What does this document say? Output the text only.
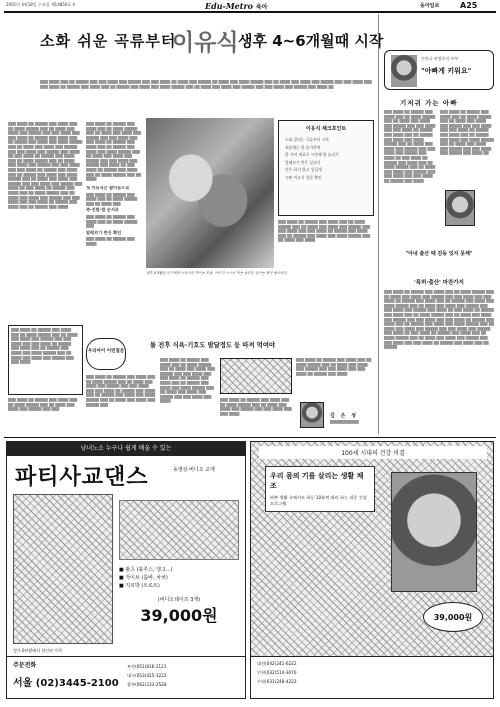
2001년 4월18일 수요일 제14850호 A	Edu-Metro 육아	동아일보	A25
소화 쉬운 곡류부터
이유식 생후 4~6개월때 시작
▒▒▒ ▒▒▒▒ ▒▒▒ ▒▒ ▒▒▒▒▒ ▒▒▒ ▒▒▒ ▒▒▒▒ ▒▒▒ ▒▒▒▒▒ ▒▒▒ ▒▒▒ ▒▒▒▒ ▒▒ ▒▒▒▒ ▒▒▒ ▒▒▒▒▒ ▒▒ ▒▒▒▒ ▒▒▒ ▒▒▒▒ ▒▒▒▒▒ ▒▒▒ ▒▒ ▒▒▒▒ ▒▒▒ ▒▒▒▒ ▒▒▒ ▒▒▒▒▒ ▒▒▒ ▒▒▒ ▒▒▒▒ ▒▒▒ ▒▒▒ ▒▒▒▒ ▒▒ ▒▒▒▒▒ ▒▒▒ ▒▒▒▒ ▒▒▒ ▒▒ ▒▒▒▒▒ ▒▒▒ ▒▒▒▒ ▒▒▒ ▒▒▒▒ ▒▒▒▒▒ ▒▒▒ ▒▒ ▒▒▒▒ ▒▒▒ ▒▒▒▒ ▒▒▒ ▒▒▒▒▒ ▒▒▒ ▒▒▒ ▒▒▒▒ ▒▒▒ ▒▒▒▒▒ ▒▒▒ ▒▒▒▒ ▒▒
▒▒▒ ▒▒▒▒ ▒▒ ▒▒▒▒▒ ▒▒▒ ▒▒▒▒ ▒▒▒ ▒▒ ▒▒▒▒ ▒▒▒▒▒ ▒▒▒ ▒▒ ▒▒▒▒ ▒▒▒ ▒▒▒▒ ▒▒▒ ▒▒▒▒▒ ▒▒▒ ▒▒▒ ▒▒▒▒ ▒▒▒ ▒▒▒ ▒▒▒▒ ▒▒ ▒▒▒▒▒ ▒▒▒ ▒▒▒▒ ▒▒▒ ▒▒ ▒▒▒▒▒ ▒▒▒ ▒▒▒▒ ▒▒▒ ▒▒▒▒ ▒▒▒▒▒ ▒▒▒ ▒▒ ▒▒▒▒ ▒▒▒ ▒▒▒▒ ▒▒▒ ▒▒▒▒▒ ▒▒▒ ▒▒▒ ▒▒▒▒ ▒▒▒ ▒▒▒▒▒ ▒▒▒ ▒▒▒▒ ▒▒ ▒▒▒ ▒▒▒▒ ▒▒ ▒▒▒▒▒ ▒▒▒ ▒▒▒▒ ▒▒▒ ▒▒ ▒▒▒▒ ▒▒▒▒▒ ▒▒▒ ▒▒ ▒▒▒▒ ▒▒▒ ▒▒▒▒ ▒▒▒ ▒▒▒▒▒ ▒▒▒ ▒▒▒ ▒▒▒▒ ▒▒▒ ▒▒▒ ▒▒▒▒ ▒▒ ▒▒▒▒▒ ▒▒▒ ▒▒▒▒ ▒▒▒ ▒▒ ▒▒▒▒▒ ▒▒▒ ▒▒▒▒ ▒▒▒ ▒▒▒▒ ▒▒▒▒▒ ▒▒▒ ▒▒ ▒▒▒▒ ▒▒▒ ▒▒▒▒ ▒▒▒ ▒▒▒▒▒ ▒▒▒ ▒▒▒ ▒▒▒▒ ▒▒▒ ▒▒▒▒▒ ▒▒▒ ▒▒▒▒ ▒▒ ▒▒▒ ▒▒▒▒ ▒▒ ▒▒▒▒▒ ▒▒▒ ▒▒▒▒ ▒▒▒ ▒▒ ▒▒▒▒ ▒▒▒▒▒ ▒▒▒ ▒▒ ▒▒▒▒ ▒▒▒ ▒▒▒▒ ▒▒▒ ▒▒▒▒▒ ▒▒▒ ▒▒▒ ▒▒▒▒ ▒▒▒ ▒▒▒ ▒▒▒▒ ▒▒ ▒▒▒▒▒ ▒▒▒ ▒▒▒▒ ▒▒▒ ▒▒ ▒▒▒▒▒ ▒▒▒ ▒▒▒▒
▒▒▒ ▒▒▒▒ ▒▒ ▒▒▒▒▒ ▒▒▒ ▒▒▒▒ ▒▒▒ ▒▒ ▒▒▒▒ ▒▒▒▒▒ ▒▒▒ ▒▒ ▒▒▒▒ ▒▒▒ ▒▒▒▒ ▒▒▒ ▒▒▒▒▒ ▒▒▒ ▒▒▒ ▒▒▒▒ ▒▒▒ ▒▒▒ ▒▒▒▒ ▒▒ ▒▒▒▒▒ ▒▒▒ ▒▒▒▒ ▒▒▒ ▒▒ ▒▒▒▒▒ ▒▒▒ ▒▒▒▒ ▒▒▒ ▒▒▒▒ ▒▒▒▒▒ ▒▒▒ ▒▒ ▒▒▒▒ ▒▒▒ ▒▒▒▒ ▒▒▒ ▒▒▒▒▒ ▒▒▒ ▒▒▒ ▒▒▒▒ ▒▒▒ ▒▒▒▒▒ ▒▒▒ ▒▒▒▒ ▒▒ ▒▒▒ ▒▒▒▒ ▒▒ ▒▒▒▒▒ ▒▒▒ ▒▒▒▒ ▒▒▒ ▒▒ ▒▒▒▒ ▒▒▒▒▒ ▒▒▒ ▒▒ ▒▒▒▒
이유식 체크포인트
소화 잘되는 곡류부터 시작
처음에는 한 숟가락씩
한 가지 재료로 시작해 양 늘리기
알레르기 반응 살피기
간은 하지 않고 싱겁게
시판 이유식 성분 확인
▒▒▒ ▒▒▒▒ ▒▒ ▒▒▒▒▒ ▒▒▒ ▒▒▒▒ ▒▒▒ ▒▒ ▒▒▒▒ ▒▒▒▒▒ ▒▒▒ ▒▒ ▒▒▒▒ ▒▒▒ ▒▒▒▒ ▒▒▒ ▒▒▒▒▒ ▒▒▒ ▒▒▒ ▒▒▒▒ ▒▒▒ ▒▒▒ ▒▒▒▒ ▒▒ ▒▒▒▒▒ ▒▒▒ ▒▒▒▒ ▒▒▒ ▒▒ ▒▒▒▒▒ ▒▒▒ ▒▒▒▒ ▒▒▒ ▒▒▒▒ ▒▒▒▒▒ ▒▒▒ ▒▒ ▒▒▒▒ ▒▒▒ ▒▒▒▒
첫 이유식은 쌀미음으로
▒▒▒ ▒▒▒▒ ▒▒ ▒▒▒▒▒ ▒▒▒ ▒▒▒▒ ▒▒▒ ▒▒ ▒▒▒▒ ▒▒▒▒▒ ▒▒▒ ▒▒ ▒▒▒▒ ▒▒▒
죽·진밥·밥 순서로
▒▒▒ ▒▒▒▒ ▒▒ ▒▒▒▒▒ ▒▒▒ ▒▒▒▒ ▒▒▒ ▒▒ ▒▒▒▒ ▒▒▒▒▒ ▒▒▒
알레르기 반응 확인
▒▒▒ ▒▒▒▒ ▒▒ ▒▒▒▒▒ ▒▒▒ ▒▒▒▒
생후 8개월된 아기에게 이유식을 먹이는 모습. 아이가 스스로 먹는 습관을 들이는 것이 중요하다.
▒▒▒ ▒▒▒▒ ▒▒ ▒▒▒▒▒ ▒▒▒ ▒▒▒▒ ▒▒▒ ▒▒ ▒▒▒▒ ▒▒▒▒▒ ▒▒▒ ▒▒ ▒▒▒▒ ▒▒▒ ▒▒▒▒ ▒▒▒ ▒▒▒▒▒ ▒▒▒ ▒▒▒ ▒▒▒▒ ▒▒▒ ▒▒▒ ▒▒▒▒ ▒▒ ▒▒▒▒▒ ▒▒▒ ▒▒▒▒ ▒▒▒ ▒▒ ▒▒▒▒▒ ▒▒▒ ▒▒▒▒ ▒▒▒ ▒▒▒▒ ▒▒▒▒▒ ▒▒▒ ▒▒ ▒▒▒▒ ▒▒▒ ▒▒▒▒ ▒▒▒ ▒▒▒▒▒ ▒▒▒ ▒▒▒ ▒▒▒▒
▒▒▒ ▒▒▒▒ ▒▒ ▒▒▒▒▒ ▒▒▒ ▒▒▒▒ ▒▒▒ ▒▒ ▒▒▒▒ ▒▒▒▒▒ ▒▒▒ ▒▒ ▒▒▒▒ ▒▒▒ ▒▒▒▒ ▒▒▒ ▒▒▒▒▒ ▒▒▒ ▒▒▒
우리아이 이런질문
돌 전후 식욕·기호도 발달정도 등 따져 먹여야
▒▒▒ ▒▒▒▒ ▒▒ ▒▒▒▒▒ ▒▒▒ ▒▒▒▒ ▒▒▒ ▒▒ ▒▒▒▒ ▒▒▒▒▒ ▒▒▒ ▒▒ ▒▒▒▒ ▒▒▒ ▒▒▒▒ ▒▒▒ ▒▒▒▒▒ ▒▒▒ ▒▒▒ ▒▒▒▒ ▒▒▒ ▒▒▒ ▒▒▒▒ ▒▒ ▒▒▒▒▒ ▒▒▒ ▒▒▒▒ ▒▒▒ ▒▒ ▒▒▒▒▒ ▒▒▒ ▒▒▒▒ ▒▒▒ ▒▒▒▒ ▒▒▒▒▒ ▒▒▒ ▒▒ ▒▒▒▒ ▒▒▒ ▒▒▒▒ ▒▒▒ ▒▒▒▒▒ ▒▒▒
▒▒▒ ▒▒▒▒ ▒▒ ▒▒▒▒▒ ▒▒▒ ▒▒▒▒ ▒▒▒ ▒▒ ▒▒▒▒ ▒▒▒▒▒ ▒▒▒ ▒▒ ▒▒▒▒ ▒▒▒ ▒▒▒▒ ▒▒▒ ▒▒▒▒▒ ▒▒▒ ▒▒▒ ▒▒▒▒ ▒▒▒ ▒▒▒ ▒▒▒▒ ▒▒ ▒▒▒▒▒ ▒▒▒ ▒▒▒▒ ▒▒▒ ▒▒ ▒▒▒▒▒ ▒▒▒ ▒▒▒▒ ▒▒▒ ▒▒▒▒ ▒▒▒▒▒ ▒▒▒ ▒▒ ▒▒▒▒ ▒▒▒ ▒▒▒▒ ▒▒▒ ▒▒▒▒▒ ▒▒▒ ▒▒▒ ▒▒▒▒ ▒▒▒ ▒▒▒▒	▒▒▒ ▒▒▒▒ ▒▒ ▒▒▒▒▒ ▒▒▒ ▒▒▒▒ ▒▒▒ ▒▒ ▒▒▒▒ ▒▒▒▒▒ ▒▒▒ ▒▒ ▒▒▒▒ ▒▒▒ ▒▒▒▒ ▒▒▒ ▒▒▒▒▒ ▒▒▒ ▒▒▒ ▒▒▒▒ ▒▒▒ ▒▒▒ ▒▒▒▒
▒▒▒ ▒▒▒▒ ▒▒ ▒▒▒▒▒ ▒▒▒ ▒▒▒▒ ▒▒▒ ▒▒ ▒▒▒▒ ▒▒▒▒▒ ▒▒▒ ▒▒ ▒▒▒▒ ▒▒▒ ▒▒▒▒ ▒▒▒ ▒▒▒▒▒ ▒▒▒ ▒▒▒ ▒▒▒▒ ▒▒▒ ▒▒▒ ▒▒▒▒ ▒▒ ▒▒▒▒▒ ▒▒▒ ▒▒▒▒
김 은 성
▒▒▒▒▒▒▒▒▒▒▒
손한나·권영통의 부부
"아빠게 키워요"
기저귀 가는 아빠
▒▒▒ ▒▒▒▒ ▒▒ ▒▒▒▒▒ ▒▒▒ ▒▒▒▒ ▒▒▒ ▒▒ ▒▒▒▒ ▒▒▒▒▒ ▒▒▒ ▒▒ ▒▒▒▒ ▒▒▒ ▒▒▒▒ ▒▒▒ ▒▒▒▒▒ ▒▒▒ ▒▒▒ ▒▒▒▒ ▒▒▒ ▒▒▒ ▒▒▒▒ ▒▒ ▒▒▒▒▒ ▒▒▒ ▒▒▒▒ ▒▒▒ ▒▒ ▒▒▒▒▒ ▒▒▒ ▒▒▒▒ ▒▒▒ ▒▒▒▒ ▒▒▒▒▒ ▒▒▒ ▒▒ ▒▒▒▒ ▒▒▒ ▒▒▒▒ ▒▒▒ ▒▒▒▒▒ ▒▒▒ ▒▒▒ ▒▒▒▒ ▒▒▒ ▒▒▒▒▒ ▒▒▒ ▒▒▒▒ ▒▒ ▒▒▒ ▒▒▒▒ ▒▒ ▒▒▒▒▒ ▒▒▒ ▒▒▒▒ ▒▒▒ ▒▒ ▒▒▒▒ ▒▒▒▒▒ ▒▒▒ ▒▒ ▒▒▒▒ ▒▒▒ ▒▒▒▒ ▒▒▒ ▒▒▒▒▒ ▒▒▒ ▒▒▒ ▒▒▒▒ ▒▒▒ ▒▒▒ ▒▒▒▒ ▒▒ ▒▒▒▒▒ ▒▒▒ ▒▒▒▒
▒▒▒ ▒▒▒▒ ▒▒ ▒▒▒▒▒ ▒▒▒ ▒▒▒▒ ▒▒▒ ▒▒ ▒▒▒▒ ▒▒▒▒▒ ▒▒▒ ▒▒ ▒▒▒▒ ▒▒▒ ▒▒▒▒ ▒▒▒ ▒▒▒▒▒ ▒▒▒ ▒▒▒ ▒▒▒▒ ▒▒▒ ▒▒▒ ▒▒▒▒ ▒▒ ▒▒▒▒▒ ▒▒▒ ▒▒▒▒ ▒▒▒ ▒▒ ▒▒▒▒▒ ▒▒▒ ▒▒▒▒ ▒▒▒ ▒▒▒▒ ▒▒▒▒▒ ▒▒▒ ▒▒ ▒▒▒▒ ▒▒▒ ▒▒▒▒ ▒▒▒ ▒▒▒▒▒ ▒▒▒ ▒▒▒ ▒▒▒▒ ▒▒▒ ▒▒▒▒▒ ▒▒▒ ▒▒▒▒ ▒▒
"아내 출산 때 감동 잊지 못해"
'특허·출산' 마찬가지
▒▒▒ ▒▒▒▒ ▒▒ ▒▒▒▒▒ ▒▒▒ ▒▒▒▒ ▒▒▒ ▒▒ ▒▒▒▒ ▒▒▒▒▒ ▒▒▒ ▒▒ ▒▒▒▒ ▒▒▒ ▒▒▒▒ ▒▒▒ ▒▒▒▒▒ ▒▒▒ ▒▒▒ ▒▒▒▒ ▒▒▒ ▒▒▒ ▒▒▒▒ ▒▒ ▒▒▒▒▒ ▒▒▒ ▒▒▒▒ ▒▒▒ ▒▒ ▒▒▒▒▒ ▒▒▒ ▒▒▒▒ ▒▒▒ ▒▒▒▒ ▒▒▒▒▒ ▒▒▒ ▒▒ ▒▒▒▒ ▒▒▒ ▒▒▒▒ ▒▒▒ ▒▒▒▒▒ ▒▒▒ ▒▒▒ ▒▒▒▒ ▒▒▒ ▒▒▒▒▒ ▒▒▒ ▒▒▒▒ ▒▒ ▒▒▒ ▒▒▒▒ ▒▒ ▒▒▒▒▒ ▒▒▒ ▒▒▒▒ ▒▒▒ ▒▒ ▒▒▒▒ ▒▒▒▒▒ ▒▒▒ ▒▒ ▒▒▒▒ ▒▒▒ ▒▒▒▒ ▒▒▒ ▒▒▒▒▒ ▒▒▒ ▒▒▒ ▒▒▒▒ ▒▒▒ ▒▒▒ ▒▒▒▒ ▒▒ ▒▒▒▒▒ ▒▒▒ ▒▒▒▒ ▒▒▒ ▒▒ ▒▒▒▒▒ ▒▒▒ ▒▒▒▒ ▒▒▒ ▒▒▒▒ ▒▒▒▒▒ ▒▒▒ ▒▒ ▒▒▒▒ ▒▒▒ ▒▒▒▒ ▒▒▒ ▒▒▒▒▒ ▒▒▒ ▒▒▒ ▒▒▒▒ ▒▒▒ ▒▒▒▒▒ ▒▒▒ ▒▒▒▒ ▒▒ ▒▒▒ ▒▒▒▒ ▒▒ ▒▒▒▒▒ ▒▒▒ ▒▒▒▒ ▒▒▒ ▒▒ ▒▒▒▒ ▒▒▒▒▒ ▒▒▒ ▒▒ ▒▒▒▒ ▒▒▒ ▒▒▒▒ ▒▒▒ ▒▒▒▒▒ ▒▒▒ ▒▒▒ ▒▒▒▒ ▒▒▒ ▒▒▒ ▒▒▒▒ ▒▒ ▒▒▒▒▒ ▒▒▒ ▒▒▒▒ ▒▒▒ ▒▒ ▒▒▒▒▒
남녀노소 누구나 쉽게 배울 수 있는
파티사교댄스	동영상·비디오 교재
정가 6만원에서 할인된 가격
■ 왈츠 (블루스, 탱고...)
■ 자이브 (룸바, 차차)
■ 지르박 (트로트)
(비디오테이프 3개)
39,000원
주문전화
서울 (02)3445-2100
부산(051)816-2121
대구(053)425-1222
광주(062)233-2528
100세 시대의 건강 비결
우리 몸의 기를 살리는 생활 체조
바쁜 생활 속에서도 하루 10분씩 따라 하는 쉬운 건강 프로그램
39,000원
대전(042)241-6222
인천(032)514-3070
수원(031)248-4223
